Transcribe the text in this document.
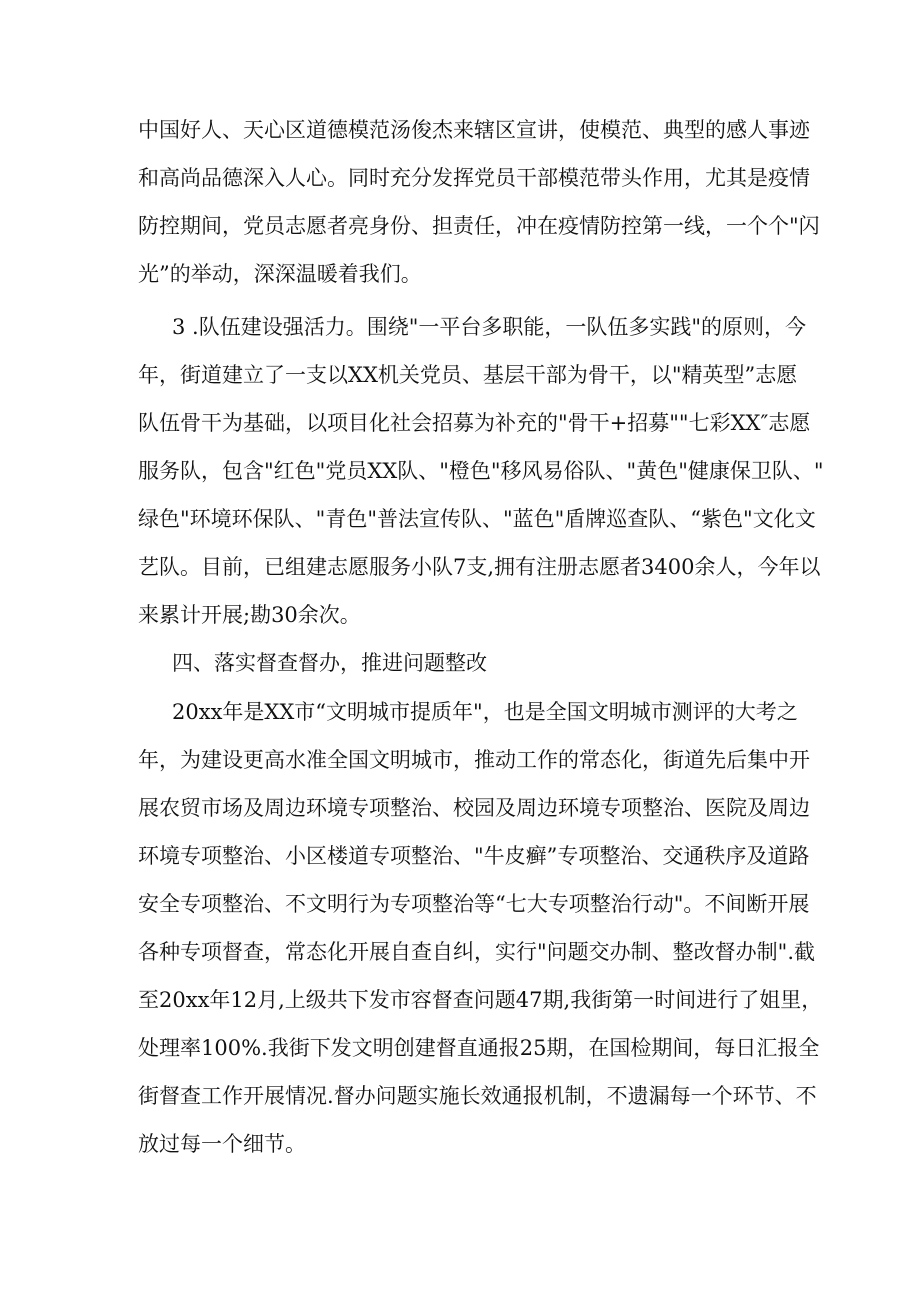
中国好人、天心区道德模范汤俊杰来辖区宣讲，使模范、典型的感人事迹
和高尚品德深入人心。同时充分发挥党员干部模范带头作用，尤其是疫情
防控期间，党员志愿者亮身份、担责任，冲在疫情防控第一线，一个个"闪
光”的举动，深深温暖着我们。
3 .队伍建设强活力。围绕"一平台多职能，一队伍多实践"的原则，今
年，街道建立了一支以XX机关党员、基层干部为骨干，以"精英型”志愿
队伍骨干为基础，以项目化社会招募为补充的"骨干+招募""七彩XX″志愿
服务队，包含"红色"党员XX队、"橙色"移风易俗队、"黄色"健康保卫队、"
绿色"环境环保队、"青色"普法宣传队、"蓝色"盾牌巡查队、“紫色"文化文
艺队。目前，已组建志愿服务小队7支,拥有注册志愿者3400余人，今年以
来累计开展;勘30余次。
四、落实督查督办，推进问题整改
20xx年是XX市“文明城市提质年"，也是全国文明城市测评的大考之
年，为建设更高水准全国文明城市，推动工作的常态化，街道先后集中开
展农贸市场及周边环境专项整治、校园及周边环境专项整治、医院及周边
环境专项整治、小区楼道专项整治、"牛皮癣”专项整治、交通秩序及道路
安全专项整治、不文明行为专项整治等“七大专项整治行动"。不间断开展
各种专项督查，常态化开展自查自纠，实行"问题交办制、整改督办制".截
至20xx年12月,上级共下发市容督查问题47期,我街第一时间进行了姐里，
处理率100%.我街下发文明创建督直通报25期，在国检期间，每日汇报全
街督查工作开展情况.督办问题实施长效通报机制，不遗漏每一个环节、不
放过每一个细节。
